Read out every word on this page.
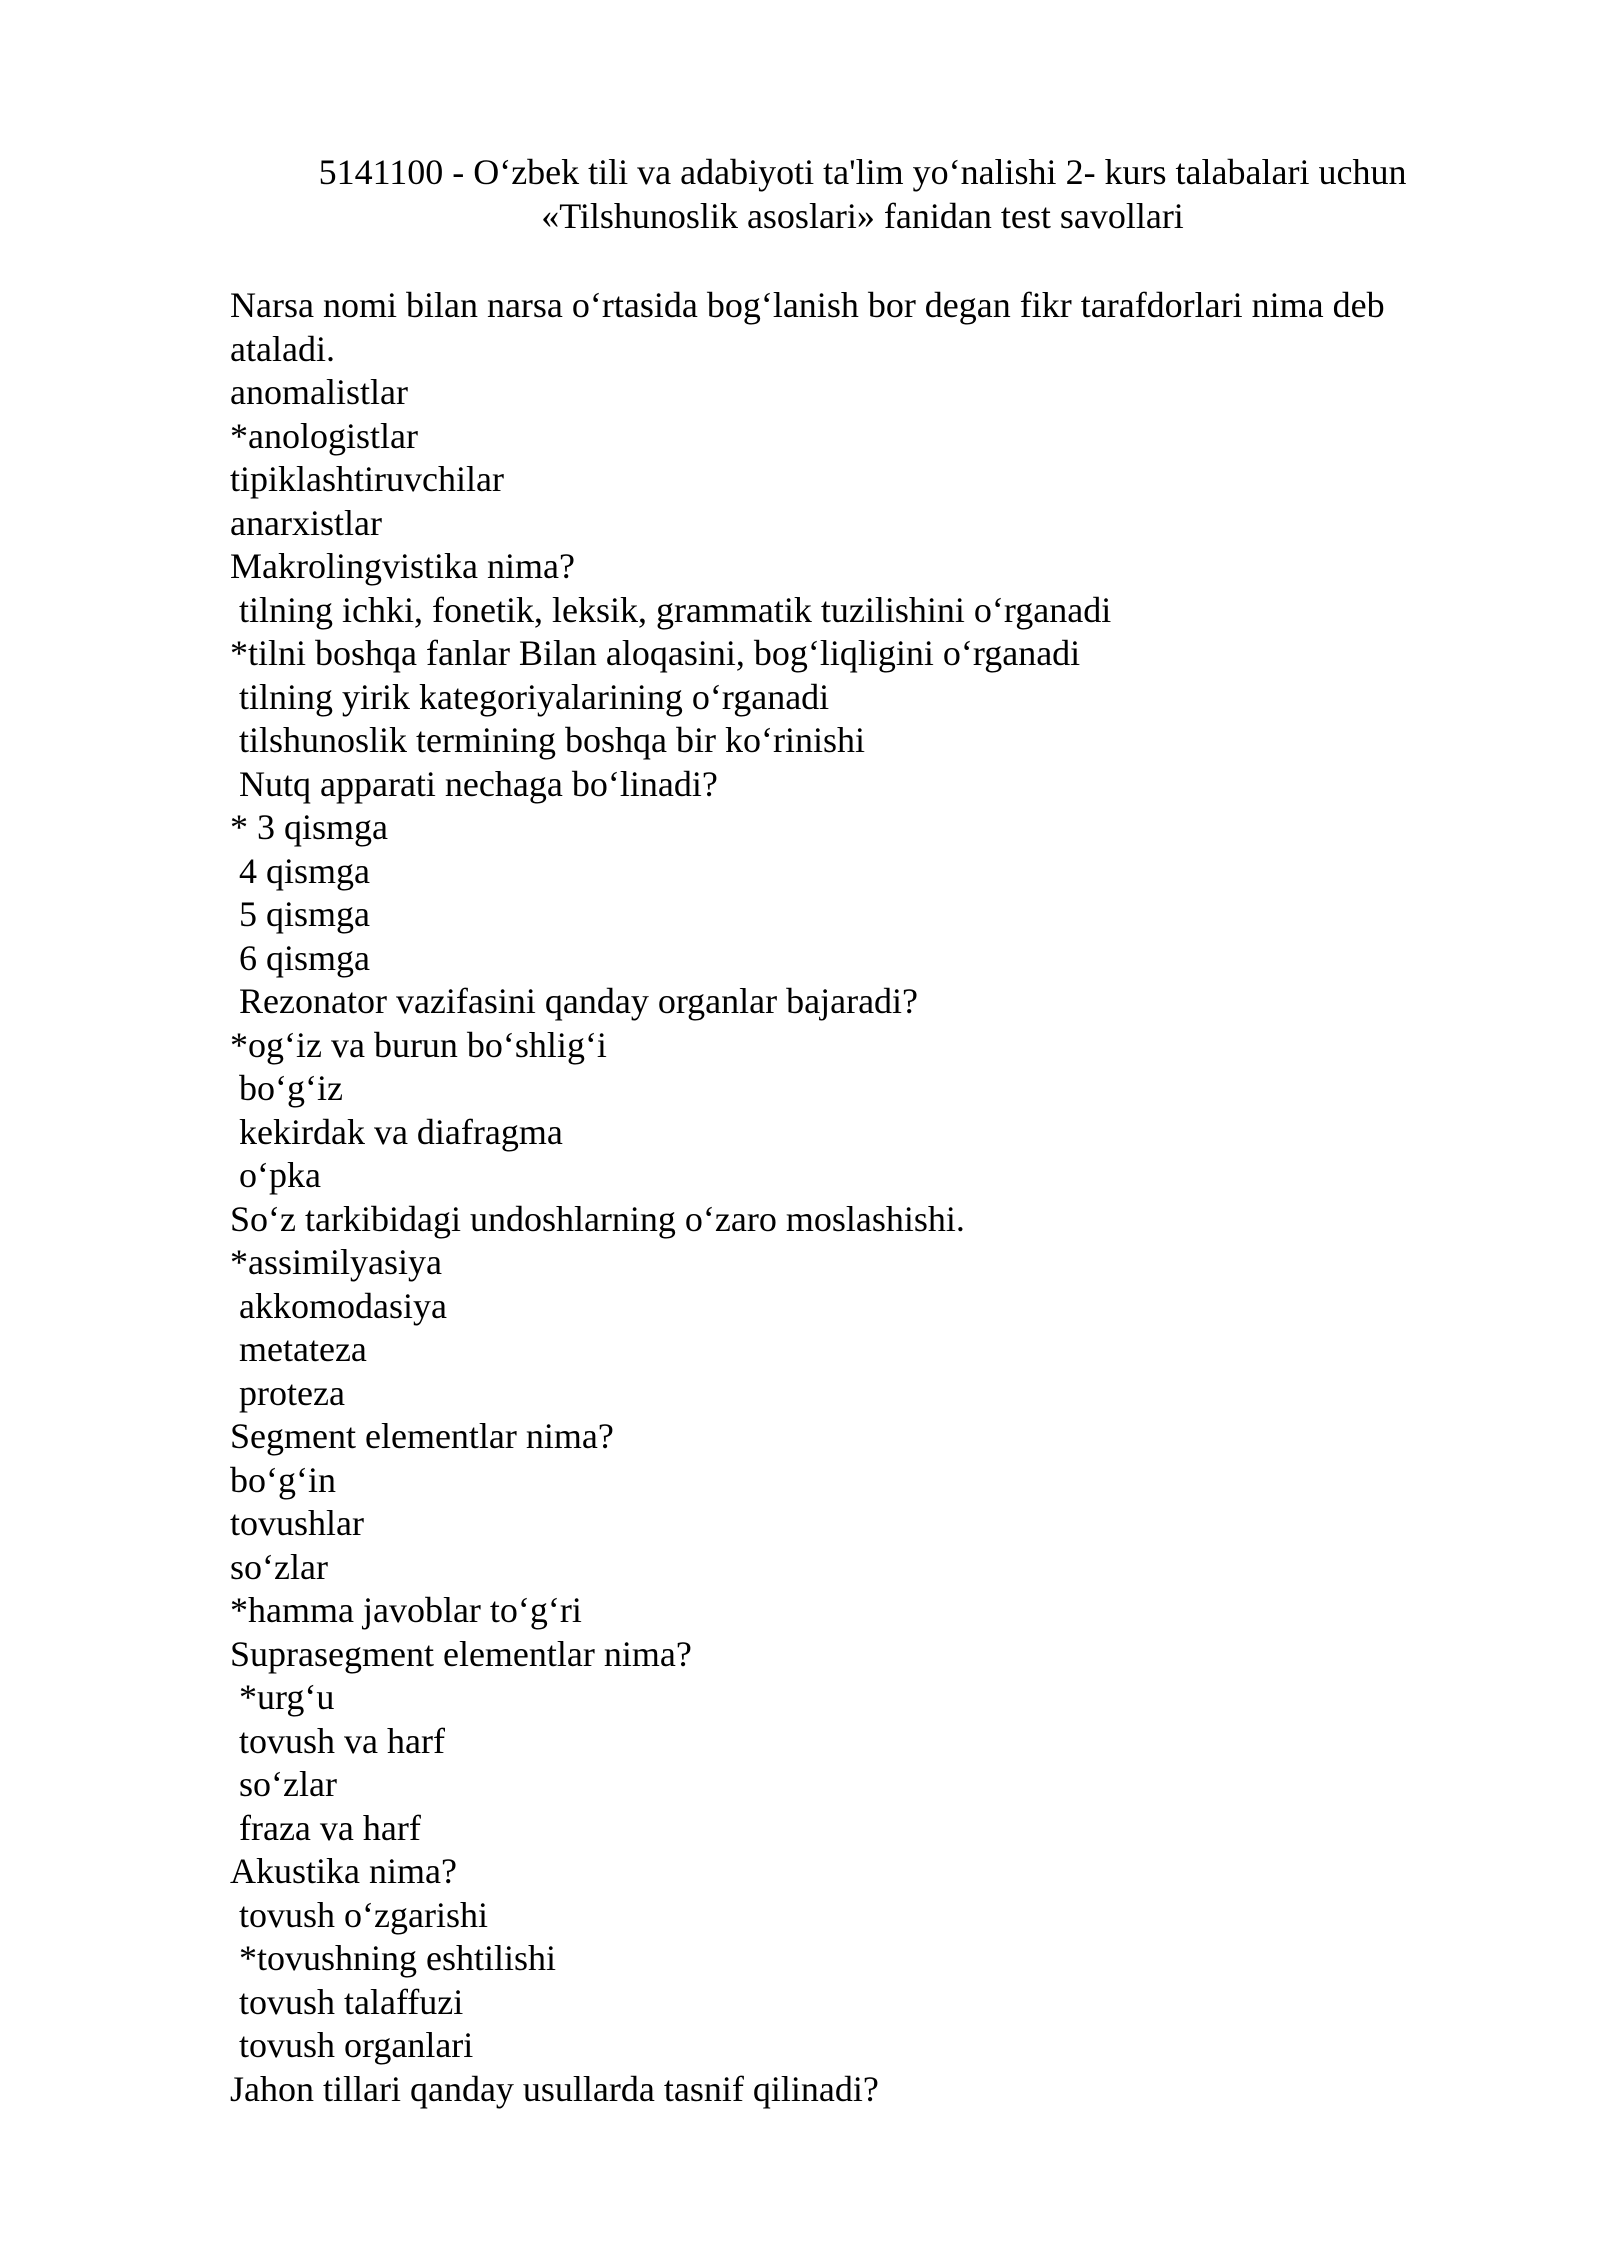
5141100 - O‘zbek tili va adabiyoti ta'lim yo‘nalishi 2- kurs talabalari uchun
«Tilshunoslik asoslari» fanidan test savollari
Narsa nomi bilan narsa o‘rtasida bog‘lanish bor degan fikr tarafdorlari nima deb
ataladi.
anomalistlar
*anologistlar
tipiklashtiruvchilar
anarxistlar
Makrolingvistika nima?
tilning ichki, fonetik, leksik, grammatik tuzilishini o‘rganadi
*tilni boshqa fanlar Bilan aloqasini, bog‘liqligini o‘rganadi
tilning yirik kategoriyalarining o‘rganadi
tilshunoslik termining boshqa bir ko‘rinishi
Nutq apparati nechaga bo‘linadi?
* 3 qismga
4 qismga
5 qismga
6 qismga
Rezonator vazifasini qanday organlar bajaradi?
*og‘iz va burun bo‘shlig‘i
bo‘g‘iz
kekirdak va diafragma
o‘pka
So‘z tarkibidagi undoshlarning o‘zaro moslashishi.
*assimilyasiya
akkomodasiya
metateza
proteza
Segment elementlar nima?
bo‘g‘in
tovushlar
so‘zlar
*hamma javoblar to‘g‘ri
Suprasegment elementlar nima?
*urg‘u
tovush va harf
so‘zlar
fraza va harf
Akustika nima?
tovush o‘zgarishi
*tovushning eshtilishi
tovush talaffuzi
tovush organlari
Jahon tillari qanday usullarda tasnif qilinadi?
